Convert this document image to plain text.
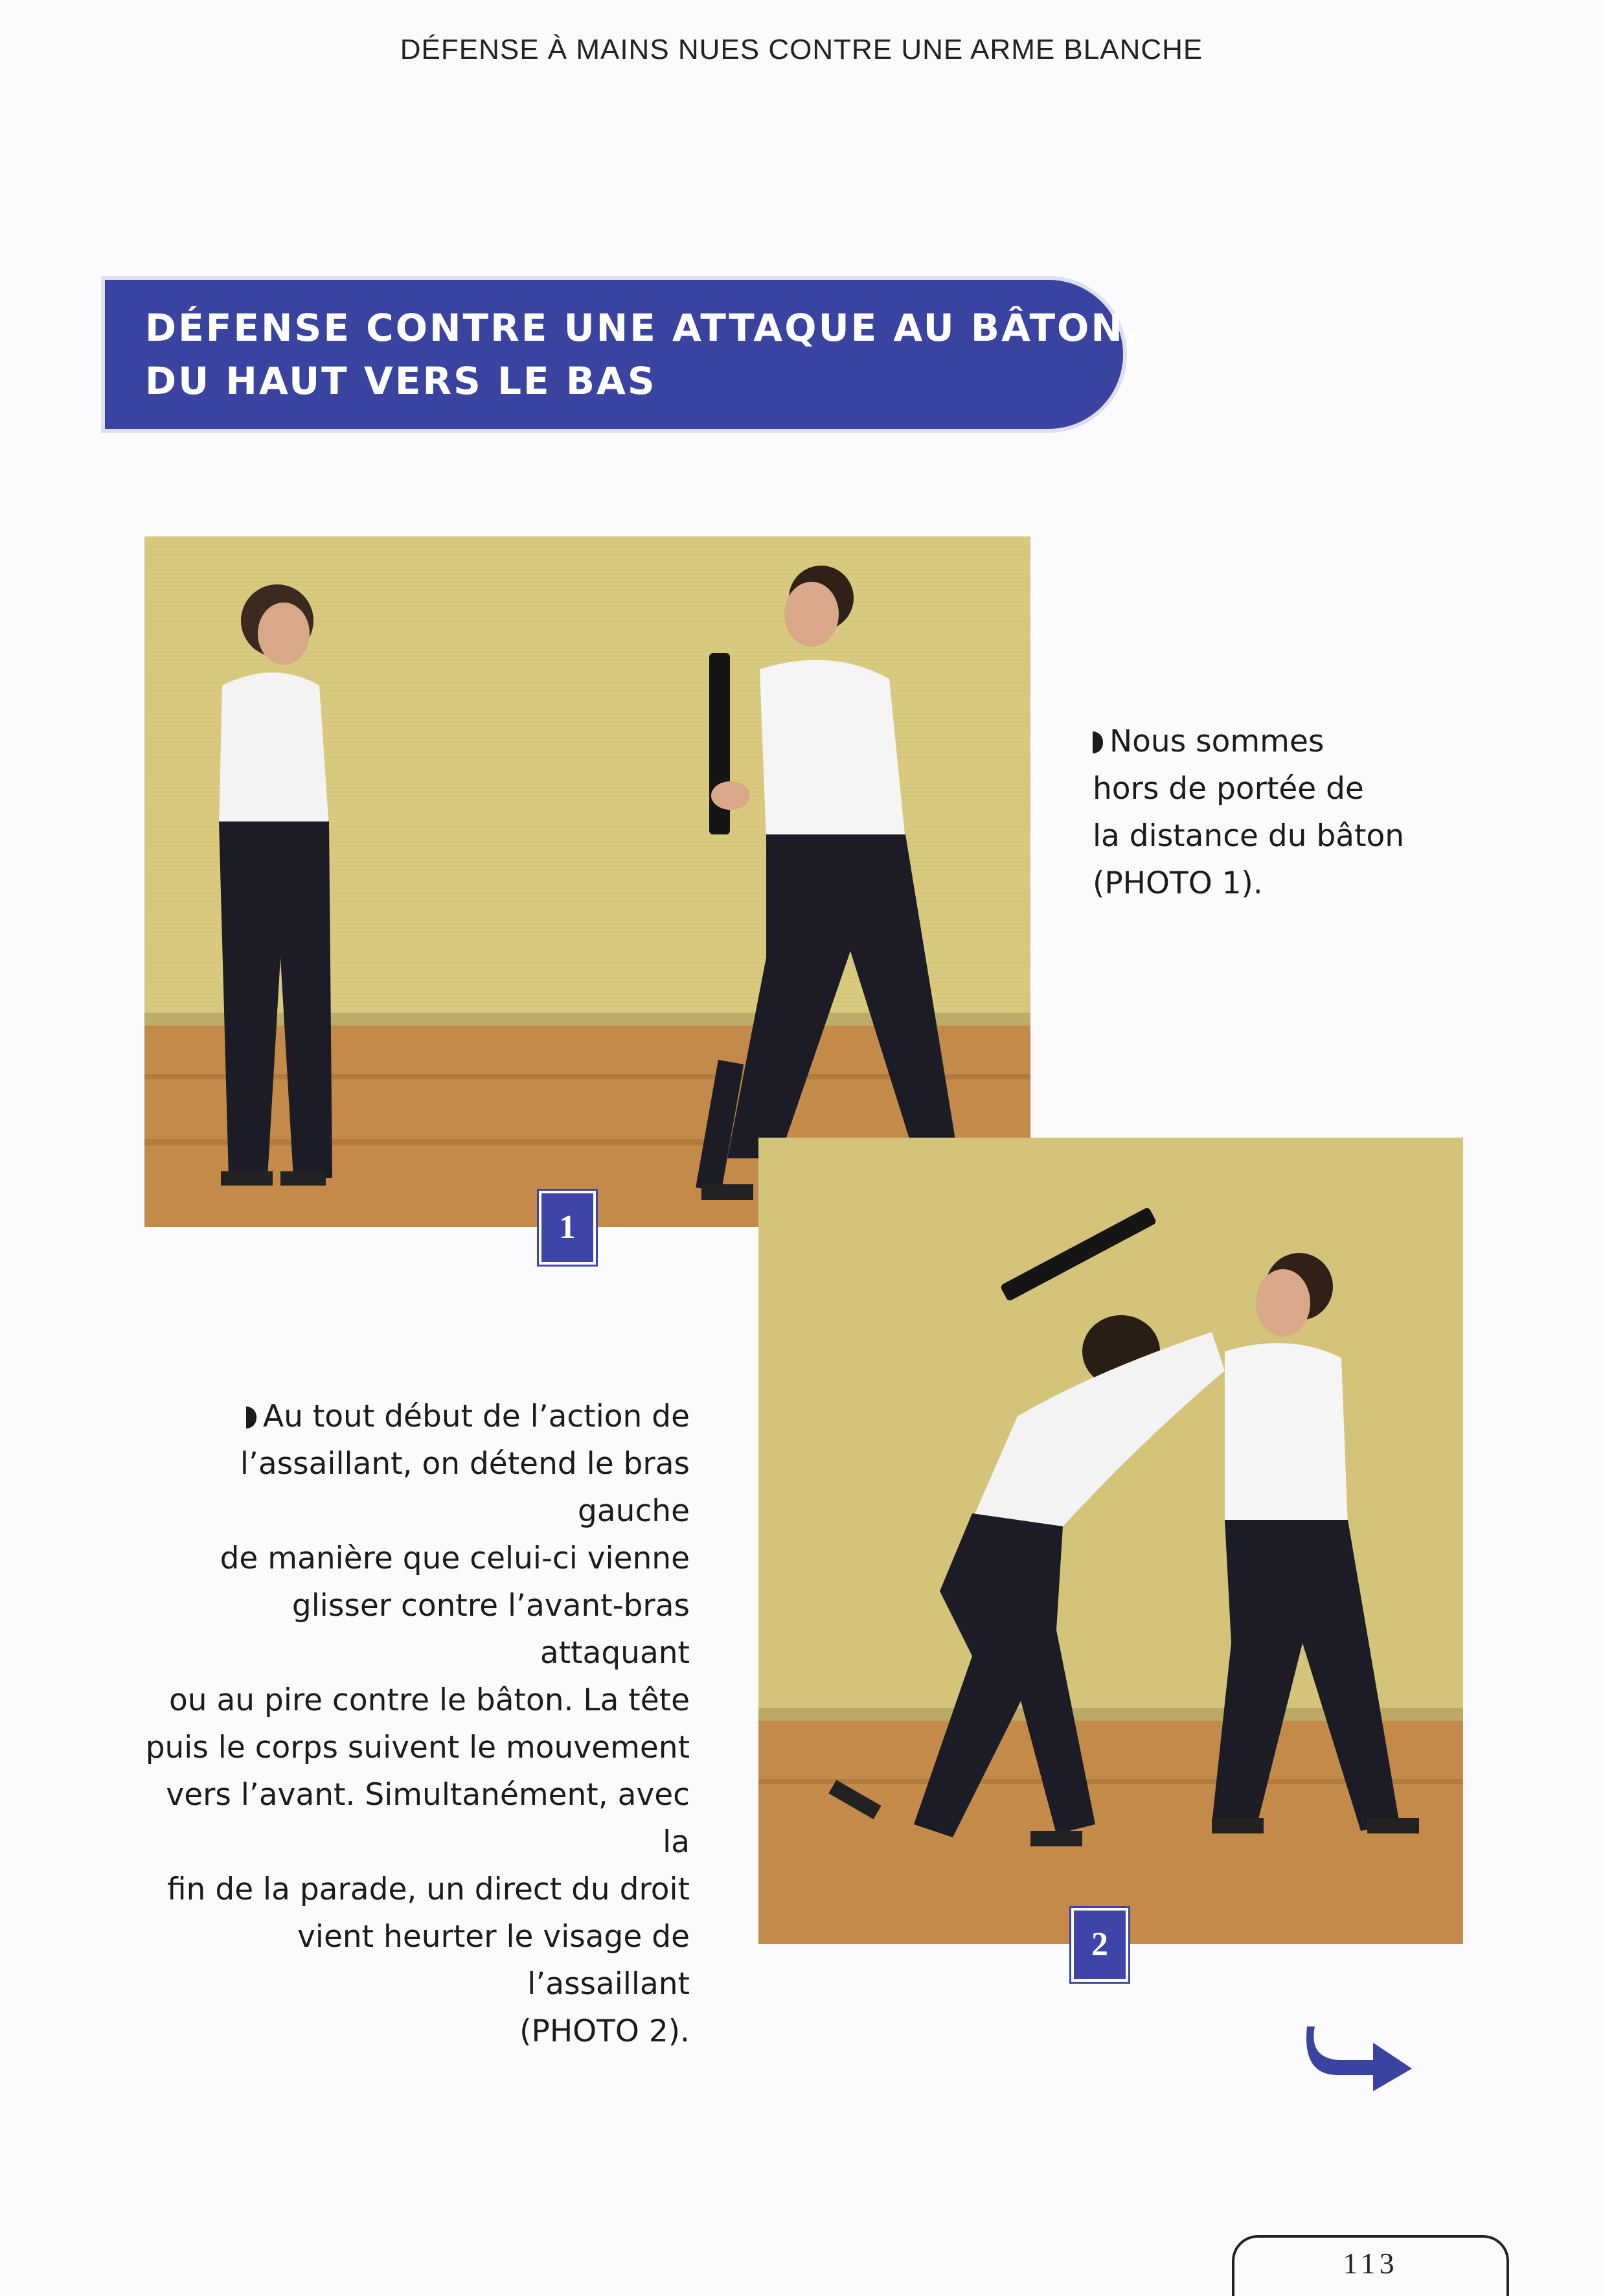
DÉFENSE À MAINS NUES CONTRE UNE ARME BLANCHE
DÉFENSE CONTRE UNE ATTAQUE AU BÂTON,
DU HAUT VERS LE BAS
1
Nous sommes
hors de portée de
la distance du bâton
(PHOTO 1).
2
Au tout début de l’action de
l’assaillant, on détend le bras gauche
de manière que celui-ci vienne
glisser contre l’avant-bras attaquant
ou au pire contre le bâton. La tête
puis le corps suivent le mouvement
vers l’avant. Simultanément, avec la
fin de la parade, un direct du droit
vient heurter le visage de l’assaillant
(PHOTO 2).
113
